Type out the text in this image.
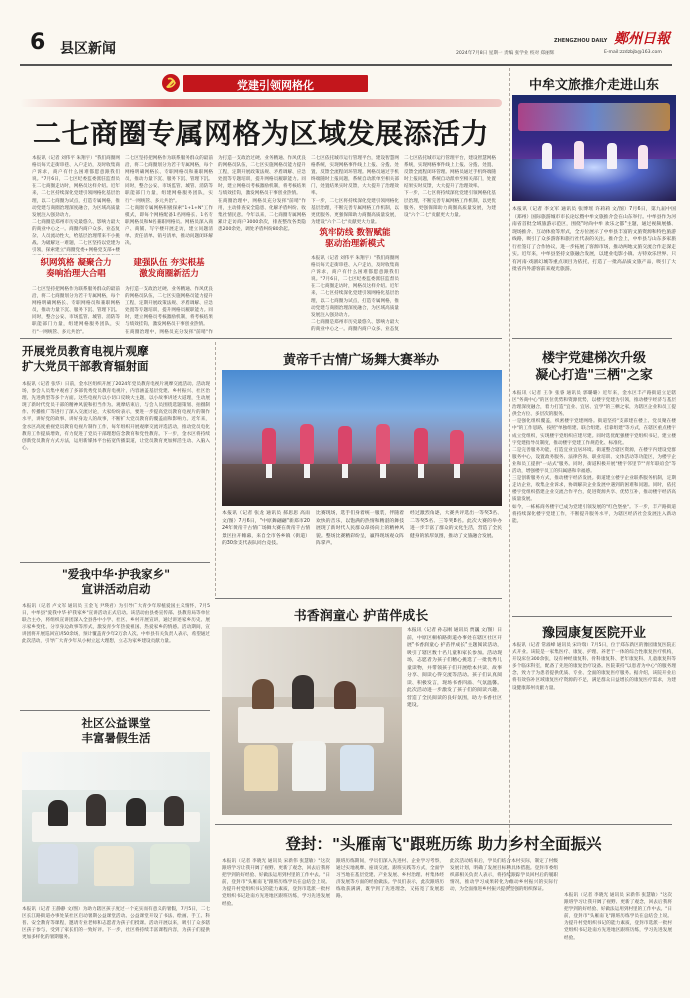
6 县区新闻	2024年7月8日 星期一 责编 张学业 校对 郑丽辉	E-mail:zzdzbjb@163.com
ZHENGZHOU DAILY 鄭州日報
党建引领网格化
二七商圈专属网格为区域发展添活力
本报讯（记者 刘伟平 朱翔宇）"我们商圈网格员每天走街串巷、入户走访，及时收集商户诉求，商户有什么困难都愿意跟我们说。"7月6日，二七区纪委监委派驻监督员在二七商圈走访时，网格员这样介绍。近年来，二七区持续深化党建引领网格化基层治理，以二七商圈为试点，打造专属网格，推动党建与商圈治理深度融合，为区域高质量发展注入强劲动力。
二七商圈是郑州市历史最悠久、影响力最大的商业中心之一。商圈内商户众多、业态复杂、人员流动性大，给基层治理带来不小挑战。为破解这一难题，二七区坚持以党建为引领，探索建立"商圈党委+网格党支部+楼
织网筑格 凝聚合力
奏响治理大合唱
二七区坚持把网格作为联系服务群众的最前沿，将二七商圈划分为若干专属网格，每个网格明确网格长、专职网格员和兼职网格员，推动力量下沉、服务下沉、管理下沉。同时，整合公安、市场监管、城管、消防等职能部门力量，组建网格服务团队，实行"一网统管、多元共治"。

二七区坚持把网格作为联系服务群众的最前沿，将二七商圈划分为若干专属网格，每个网格明确网格长、专职网格员和兼职网格员，推动力量下沉、服务下沉、管理下沉。同时，整合公安、市场监管、城管、消防等职能部门力量，组建网格服务团队，实行"一网统管、多元共治"。
二七商圈专属网格积极探索"1+1+N"工作模式，即每个网格配备1名网格长、1名专职网格员和N名兼职网格员。网格员深入商户、商铺、写字楼开展走访，建立问题清单、责任清单、销号清单，推动问题闭环解决。
建强队伍 夯实根基
激发商圈新活力
为打造一支政治过硬、业务精通、作风优良的网格员队伍，二七区实施网格员能力提升工程，定期开展政策法规、矛盾调解、应急处置等专题培训，提升网格员履职能力。同时，建立网格员考核激励机制，将考核结果与绩效挂钩，激发网格员干事创业热情。
在商圈治理中，网格员充分发挥"前哨"作
为打造一支政治过硬、业务精通、作风优良的网格员队伍，二七区实施网格员能力提升工程，定期开展政策法规、矛盾调解、应急处置等专题培训，提升网格员履职能力。同时，建立网格员考核激励机制，将考核结果与绩效挂钩，激发网格员干事创业热情。
在商圈治理中，网格员充分发挥"前哨"作用，主动排查安全隐患、化解矛盾纠纷、收集社情民意。今年以来，二七商圈专属网格累计走访商户3000余次，排查整改各类隐患200余处，调处矛盾纠纷80余起。
二七区依托城市运行管理平台，建设智慧网格系统，实现网格事件线上上报、分拨、处置、反馈全流程闭环管理。网格员通过手机终端随时上报问题，系统自动派单至相关部门，处置结果实时反馈，大大提升了治理效率。
下一步，二七区将持续深化党建引领网格化基层治理，不断完善专属网格工作机制，以更优服务、更强保障助力商圈高质量发展，为建设"六个二七"贡献更大力量。
筑牢防线 数智赋能
驱动治理新模式
本报讯（记者 刘伟平 朱翔宇）"我们商圈网格员每天走街串巷、入户走访，及时收集商户诉求，商户有什么困难都愿意跟我们说。"7月6日，二七区纪委监委派驻监督员在二七商圈走访时，网格员这样介绍。近年来，二七区持续深化党建引领网格化基层治理，以二七商圈为试点，打造专属网格，推动党建与商圈治理深度融合，为区域高质量发展注入强劲动力。
二七商圈是郑州市历史最悠久、影响力最大的商业中心之一。商圈内商户众多、业态复
二七区依托城市运行管理平台，建设智慧网格系统，实现网格事件线上上报、分拨、处置、反馈全流程闭环管理。网格员通过手机终端随时上报问题，系统自动派单至相关部门，处置结果实时反馈，大大提升了治理效率。
下一步，二七区将持续深化党建引领网格化基层治理，不断完善专属网格工作机制，以更优服务、更强保障助力商圈高质量发展，为建设"六个二七"贡献更大力量。
中牟文旅推介走进山东
本报讯（记者 李文军 通讯员 张博瑶 许莉莉 文/图）7月6日，第九届中国（郑州）国际旅游城市市长论坛暨中牟文旅推介会在山东举行。中牟县作为河南省首批全域旅游示范区，围绕"时尚中牟 欢乐之都"主题，通过视频展播、现场推介、互动体验等形式，全方位展示了中牟县丰富的文旅资源和特色旅游线路，吸引了众多游客和旅行社代表的关注。推介会上，中牟县与山东多家旅行社签订了合作协议，进一步拓展了客源市场，推动两地文旅交流合作走深走实。近年来，中牟县坚持文旅融合发展，以建业电影小镇、方特欢乐世界、只有河南·戏剧幻城等重点项目为依托，打造了一批高品质文旅产品，吸引了大批省内外游客前来观光旅游。
开展党员教育电视片观摩
扩大党员干部教育辐射面
本报讯（记者 张华）日前，金水区组织开展了2024年党员教育电视片观摩交流活动。活动现场，参会人员集中观看了多部优秀党员教育电视片，内容涵盖基层党建、乡村振兴、社区治理、先进典型等多个方面。这些电视片以小切口反映大主题，以小故事讲述大道理，生动展现了新时代党员干部的精神风貌和担当作为。观摩结束后，与会人员围绕选题策划、拍摄制作、传播推广等进行了深入交流讨论，大家纷纷表示，要进一步提高党员教育电视片的制作水平，讲好党的故事、讲好身边人的故事，不断扩大党员教育的覆盖面和影响力。近年来，金水区高度重视党员教育电视片制作工作，每年组织开展观摩交流评选活动，推动党员电化教育工作提质增效，有力促进了党员干部理想信念教育和党性教育。下一步，金水区将持续创新党员教育方式方法，运用新媒体平台拓宽传播渠道，让党员教育更加鲜活生动、入脑入心。
黄帝千古情广场舞大赛举办
本报讯（记者 张龙 通讯员 郝思思 高雨 文/图）7月6日，"中原舞翩翩"新郑市2024年黄帝千古情广场舞大赛在黄帝千古情景区拉开帷幕，来自全市各乡镇（街道）的30余支代表队同台竞技。
比赛现场，选手们身着统一服装，伴随着欢快的音乐，以饱满的热情和精湛的舞技展现了新时代人民群众昂扬向上的精神风貌。整场比赛精彩纷呈，赢得现场观众阵阵掌声。
经过激烈角逐，大赛共评选出一等奖3名、二等奖5名、三等奖8名。此次大赛的举办进一步丰富了群众的文化生活，营造了全民健身的浓厚氛围，推动了文旅融合发展。
楼宇党建梯次升级
凝心打造"三栖"之家
本报讯（记者 王争 张睿 通讯员 郭璐璐）近年来，金水区丰产路街道立足辖区"务商中心"的区位优势和资源优势，以楼宇党建为引领，推动楼宇经济与基层治理深度融合，着力打造"宜业、宜居、宜学"的三栖之家，为辖区企业和员工提供全方位、多层次的服务。
一是强化组织覆盖，织密楼宇党建网络。街道坚持"支部建在楼上、党员聚在楼中"的工作思路，按照"单独组建、联合组建、挂靠组建"等方式，在辖区重点楼宇成立党组织，实现楼宇党组织应建尽建。同时选优配强楼宇党组织书记，建立楼宇党建指导员制度，推动楼宇党建工作规范化、标准化。
二是完善服务功能，打造宜业宜居环境。街道整合辖区资源，在楼宇内建设党群服务中心，设置政务服务、法律咨询、职业培训、文体活动等功能区，为楼宇企业和员工提供"一站式"服务。同时，街道积极开展"楼宇邻里节""青年联谊会"等活动，增强楼宇员工的归属感和幸福感。
三是创新服务方式，推动楼宇经济发展。街道建立楼宇企业联系服务机制，定期走访企业，收集企业诉求，协调解决企业发展中遇到的困难和问题。同时，依托楼宇党组织搭建企业交流合作平台，促进资源共享、优势互补，推动楼宇经济高质量发展。
如今，一栋栋商务楼宇已成为党建引领发展的"红色堡垒"。下一步，丰产路街道将持续深化楼宇党建工作，不断提升服务水平，为辖区经济社会发展注入新动能。
"爱我中华·护我家乡"
宣讲活动启动
本报讯（记者 卢文军 通讯员 王金飞 尹瑛君）为引导广大青少年厚植爱国主义情怀，7月5日，中牟县"爱我中华·护我家乡"宣讲活动正式启动。该活动由县委宣传部、县教育局等单位联合主办，将组织宣讲团深入全县各中小学、社区、乡村开展宣讲，通过讲述家乡历史、展示家乡变化、分享身边故事等形式，激发青少年热爱祖国、热爱家乡的情感。活动期间，宣讲团将开展巡回宣讲50余场，预计覆盖青少年2万余人次。中牟县有关负责人表示，希望通过此次活动，引导广大青少年从小树立远大理想，立志为家乡建设贡献力量。
书香润童心 护苗伴成长
本报讯（记者 孙志刚 通讯员 贾巍 文/图）日前，中原区桐柏路街道办事处在辖区社区开展"书香润童心 护苗伴成长"主题阅读活动，吸引了辖区数十名儿童和家长参加。活动现场，志愿者为孩子们精心挑选了一批优秀儿童读物，并带领孩子们开展绘本共读、故事分享、阅读心得交流等活动。孩子们认真阅读、积极发言，现场书香四溢、气氛温馨。此次活动进一步激发了孩子们的阅读兴趣，营造了全民阅读的良好氛围，助力书香社区建设。
社区公益课堂
丰富暑假生活
本报讯（记者 王静静 文/图）为助力辖区孩子度过一个充实而有意义的暑假，7月5日，二七区长江路街道办事处某社区启动暑期公益课堂活动。公益课堂开设了书法、绘画、手工、科普、安全教育等课程，邀请专业老师和志愿者为孩子们授课。活动开展以来，吸引了众多辖区孩子参与，受到了家长们的一致好评。下一步，社区将持续丰富课程内容，为孩子们提供更加多样化的暑期服务。
豫园康复医院开业
本报讯（记者 常溢峰 通讯员 宋玲瑞）7月5日，位于郑东新区的豫园康复医院正式开业。该院是一家集医疗、康复、护理、养老于一体的综合性康复医疗机构，开设床位300余张，设有神经康复科、骨科康复科、老年康复科、儿童康复科等多个临床科室，配备了先进的康复治疗设备。医院秉持"以患者为中心"的服务理念，致力于为患者提供优质、专业、全面的康复医疗服务。据介绍，该院开业后将有效弥补区域康复医疗资源的不足，满足群众日益增长的康复医疗需求，为建设健康郑州贡献力量。
登封："头雁南飞"跟班历练 助力乡村全面振兴
本报讯（记者 李晓光 通讯员 宋新伟 张慧敏）"这次跟班学习让我开阔了视野、更新了观念，回去后我将把学到的好经验、好做法运用到村里的工作中去。"日前，登封市"头雁南飞"跟班历练学员在总结会上说。为提升村党组织书记的能力素质，登封市选派一批村党组织书记赴南方先进地区跟班历练，学习先进发展经验。
跟班历练期间，学员们深入先进村、企业学习考察，通过实地观摩、座谈交流、跟班实践等方式，全面学习当地在基层党建、产业发展、乡村治理、村集体经济发展等方面的经验做法。学员们表示，此次跟班历练收获满满，既学到了先进理念，又拓宽了发展思路。
此次活动结束后，学员们结合本村实际，制定了村级发展计划，明确了发展目标和具体措施。登封市委组织部相关负责人表示，将持续跟踪学员回村后的履职情况，推动学习成果转化为推动乡村振兴的实际行动，为全面推进乡村振兴提供坚强的组织保证。
本报讯（记者 李晓光 通讯员 宋新伟 张慧敏）"这次跟班学习让我开阔了视野、更新了观念，回去后我将把学到的好经验、好做法运用到村里的工作中去。"日前，登封市"头雁南飞"跟班历练学员在总结会上说。为提升村党组织书记的能力素质，登封市选派一批村党组织书记赴南方先进地区跟班历练，学习先进发展经验。
